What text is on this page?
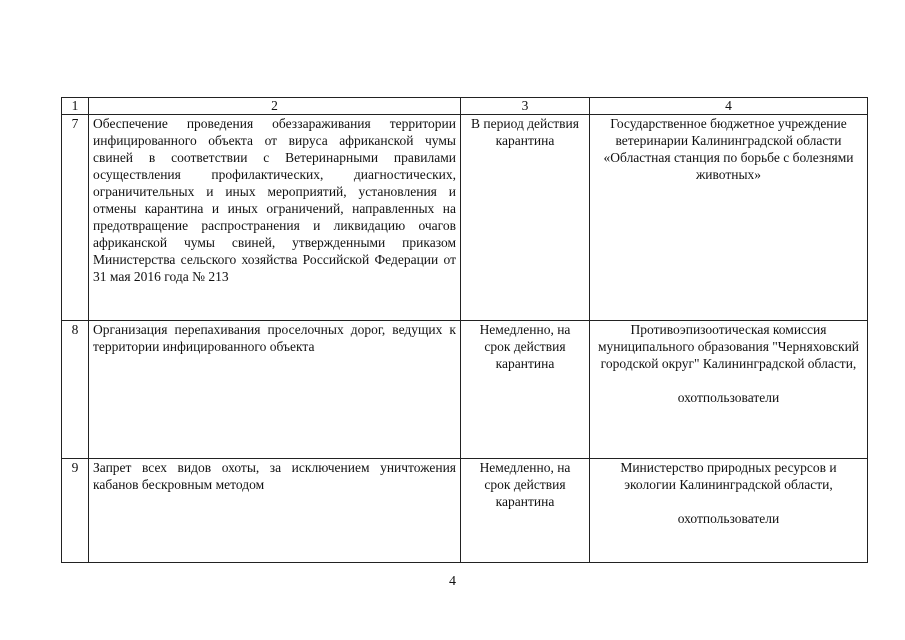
1	2	3	4
7	Обеспечение проведения обеззараживания территории инфицированного объекта от вируса африканской чумы свиней в соответствии с Ветеринарными правилами осуществления профилактических, диагностических, ограничительных и иных мероприятий, установления и отмены карантина и иных ограничений, направленных на предотвращение распространения и ликвидацию очагов африканской чумы свиней, утвержденными приказом Министерства сельского хозяйства Российской Федерации от 31 мая 2016 года № 213	В период действия карантина	Государственное бюджетное учреждение ветеринарии Калининградской области «Областная станция по борьбе с болезнями животных»

8	Организация перепахивания проселочных дорог, ведущих к территории инфицированного объекта	Немедленно, на срок действия карантина	Противоэпизоотическая комиссия муниципального образования "Черняховский городской округ" Калининградской области,
охотпользователи

9	Запрет всех видов охоты, за исключением уничтожения кабанов бескровным методом	Немедленно, на срок действия карантина	Министерство природных ресурсов и экологии Калининградской области,
охотпользователи
4
